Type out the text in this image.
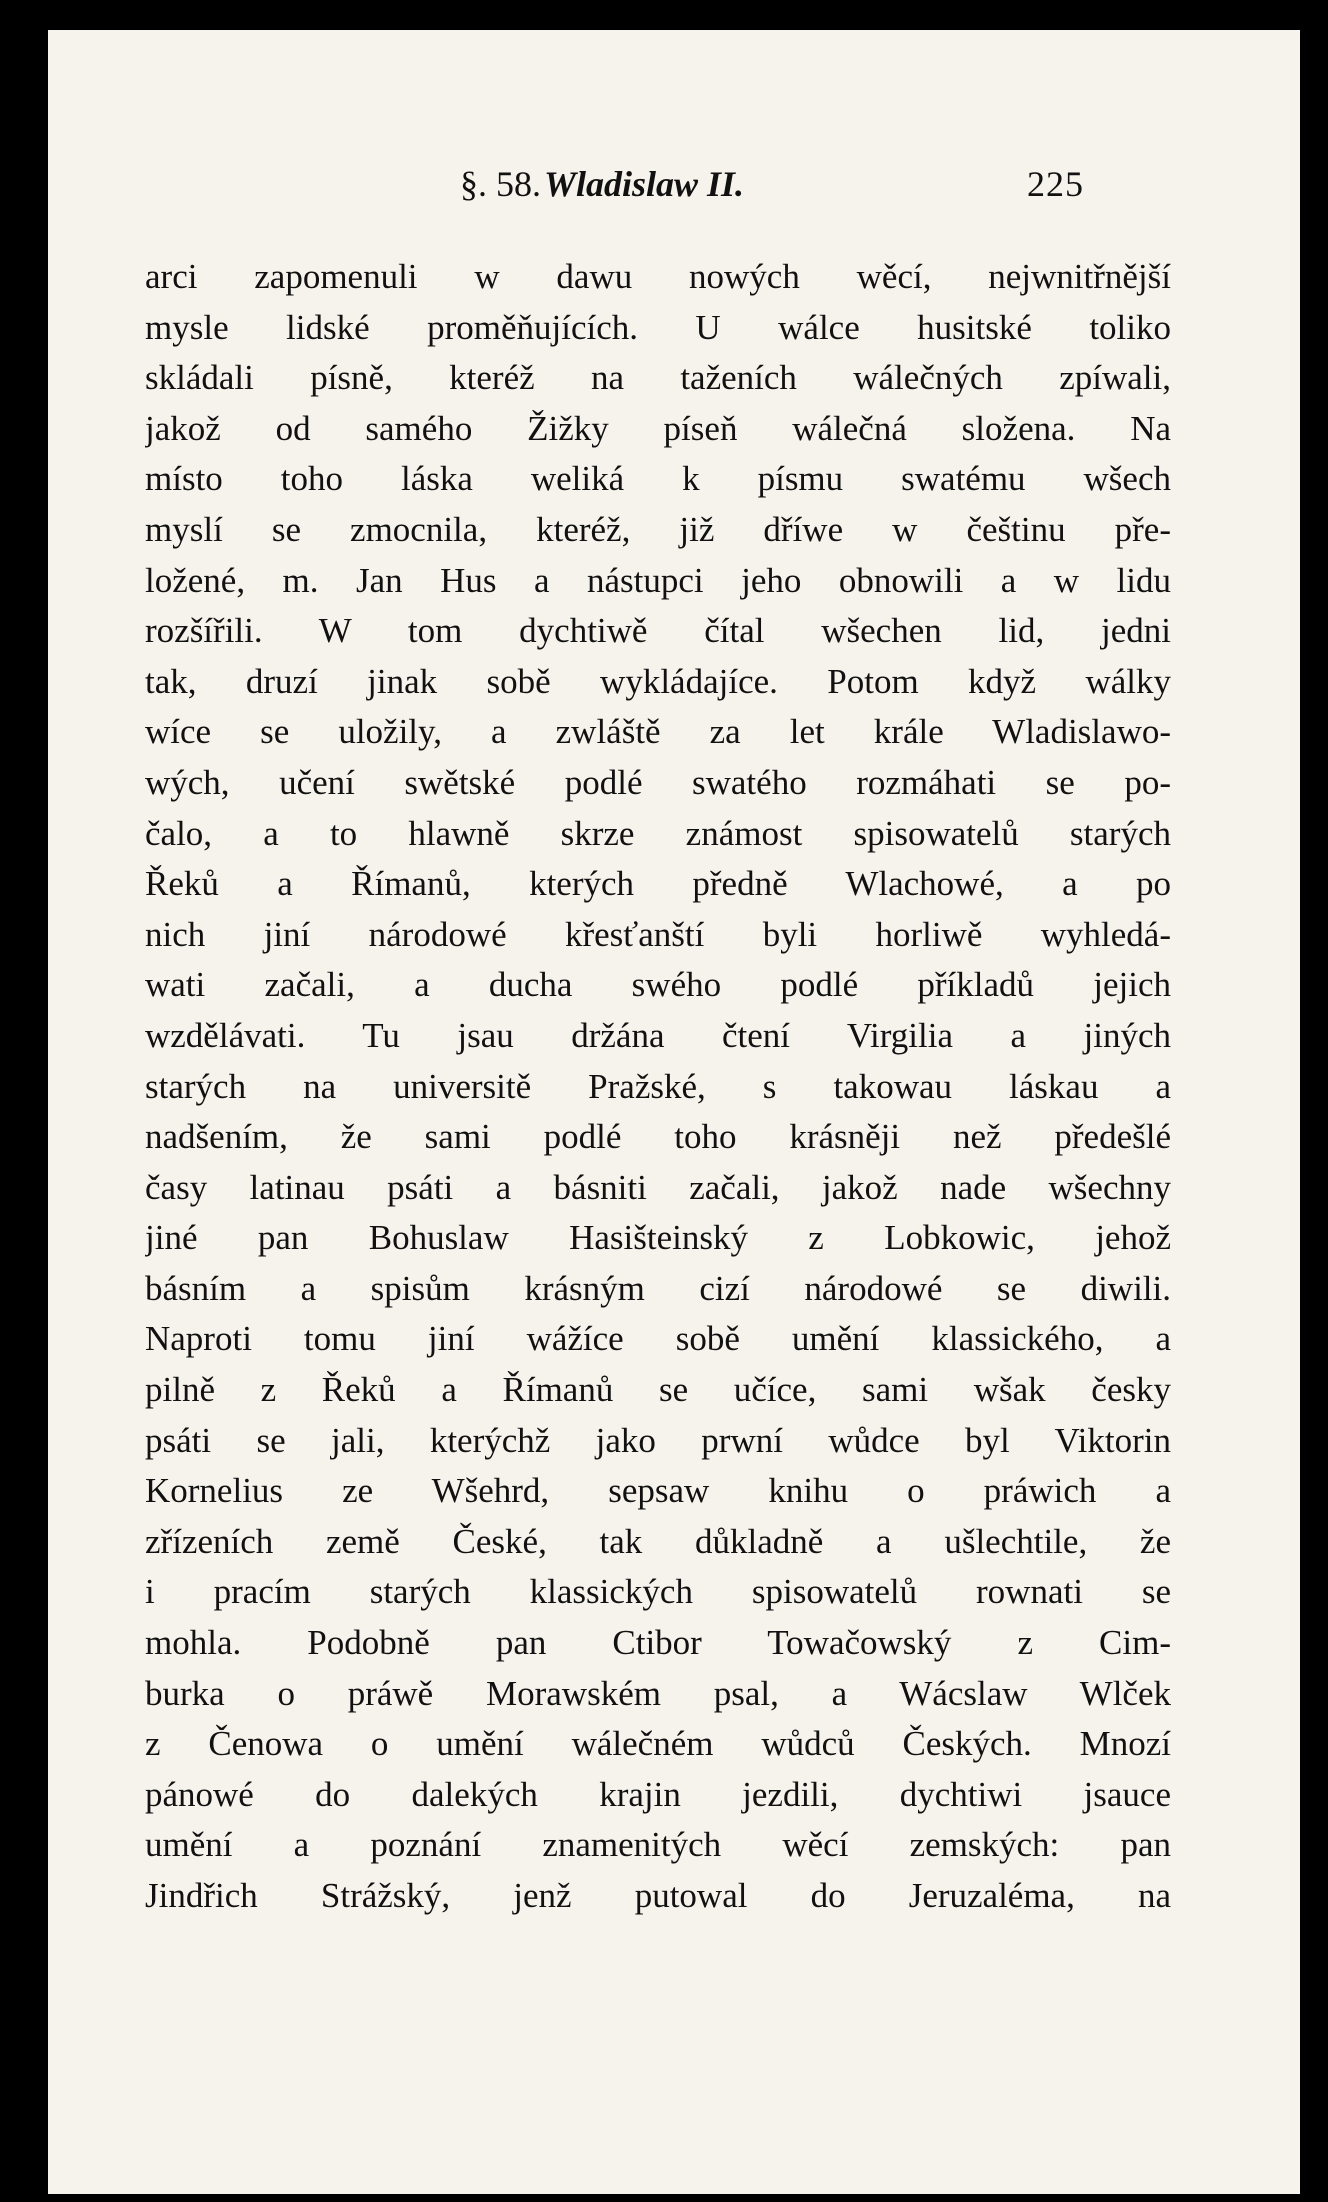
§. 58. Wladislaw II.	225
arci zapomenuli w dawu nowých wěcí, nejwnitřnější
mysle lidské proměňujících. U wálce husitské toliko
skládali písně, kteréž na taženích wálečných zpíwali,
jakož od samého Žižky píseň wálečná složena. Na
místo toho láska weliká k písmu swatému wšech
myslí se zmocnila, kteréž, již dříwe w češtinu pře-
ložené, m. Jan Hus a nástupci jeho obnowili a w lidu
rozšířili. W tom dychtiwě čítal wšechen lid, jedni
tak, druzí jinak sobě wykládajíce. Potom když wálky
wíce se uložily, a zwláště za let krále Wladislawo-
wých, učení swětské podlé swatého rozmáhati se po-
čalo, a to hlawně skrze známost spisowatelů starých
Řeků a Římanů, kterých předně Wlachowé, a po
nich jiní národowé křesťanští byli horliwě wyhledá-
wati začali, a ducha swého podlé příkladů jejich
wzdělávati. Tu jsau držána čtení Virgilia a jiných
starých na universitě Pražské, s takowau láskau a
nadšením, že sami podlé toho krásněji než předešlé
časy latinau psáti a básniti začali, jakož nade wšechny
jiné pan Bohuslaw Hasišteinský z Lobkowic, jehož
básním a spisům krásným cizí národowé se diwili.
Naproti tomu jiní wážíce sobě umění klassického, a
pilně z Řeků a Římanů se učíce, sami wšak česky
psáti se jali, kterýchž jako prwní wůdce byl Viktorin
Kornelius ze Wšehrd, sepsaw knihu o práwich a
zřízeních země České, tak důkladně a ušlechtile, že
i pracím starých klassických spisowatelů rownati se
mohla. Podobně pan Ctibor Towačowský z Cim-
burka o práwě Morawském psal, a Wácslaw Wlček
z Čenowa o umění wálečném wůdců Českých. Mnozí
pánowé do dalekých krajin jezdili, dychtiwi jsauce
umění a poznání znamenitých wěcí zemských: pan
Jindřich Strážský, jenž putowal do Jeruzaléma, na
